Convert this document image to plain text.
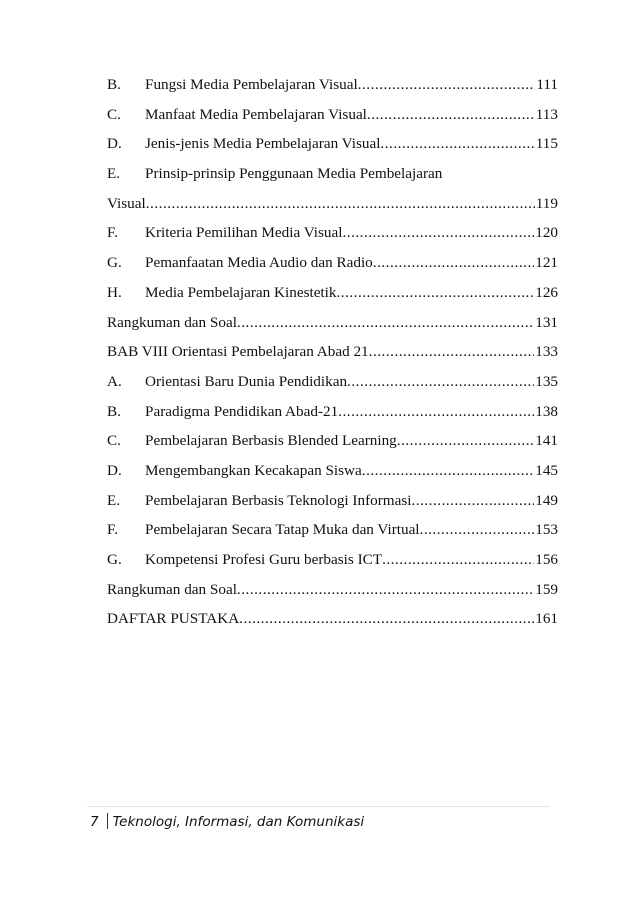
B.	Fungsi Media Pembelajaran Visual .....	111
C.	Manfaat Media Pembelajaran Visual .....	113
D.	Jenis-jenis Media Pembelajaran Visual .....	115
E.	Prinsip-prinsip Penggunaan Media Pembelajaran
Visual .....	119
F.	Kriteria Pemilihan Media Visual .....	120
G.	Pemanfaatan Media Audio dan Radio .....	121
H.	Media Pembelajaran Kinestetik .....	126
Rangkuman dan Soal .....	131
BAB VIII Orientasi Pembelajaran Abad 21 .....	133
A.	Orientasi Baru Dunia Pendidikan .....	135
B.	Paradigma Pendidikan Abad-21 .....	138
C.	Pembelajaran Berbasis Blended Learning .....	141
D.	Mengembangkan Kecakapan Siswa .....	145
E.	Pembelajaran Berbasis Teknologi Informasi .....	149
F.	Pembelajaran Secara Tatap Muka dan Virtual .....	153
G.	Kompetensi Profesi Guru berbasis ICT .....	156
Rangkuman dan Soal .....	159
DAFTAR PUSTAKA .....	161
7 Teknologi, Informasi, dan Komunikasi
